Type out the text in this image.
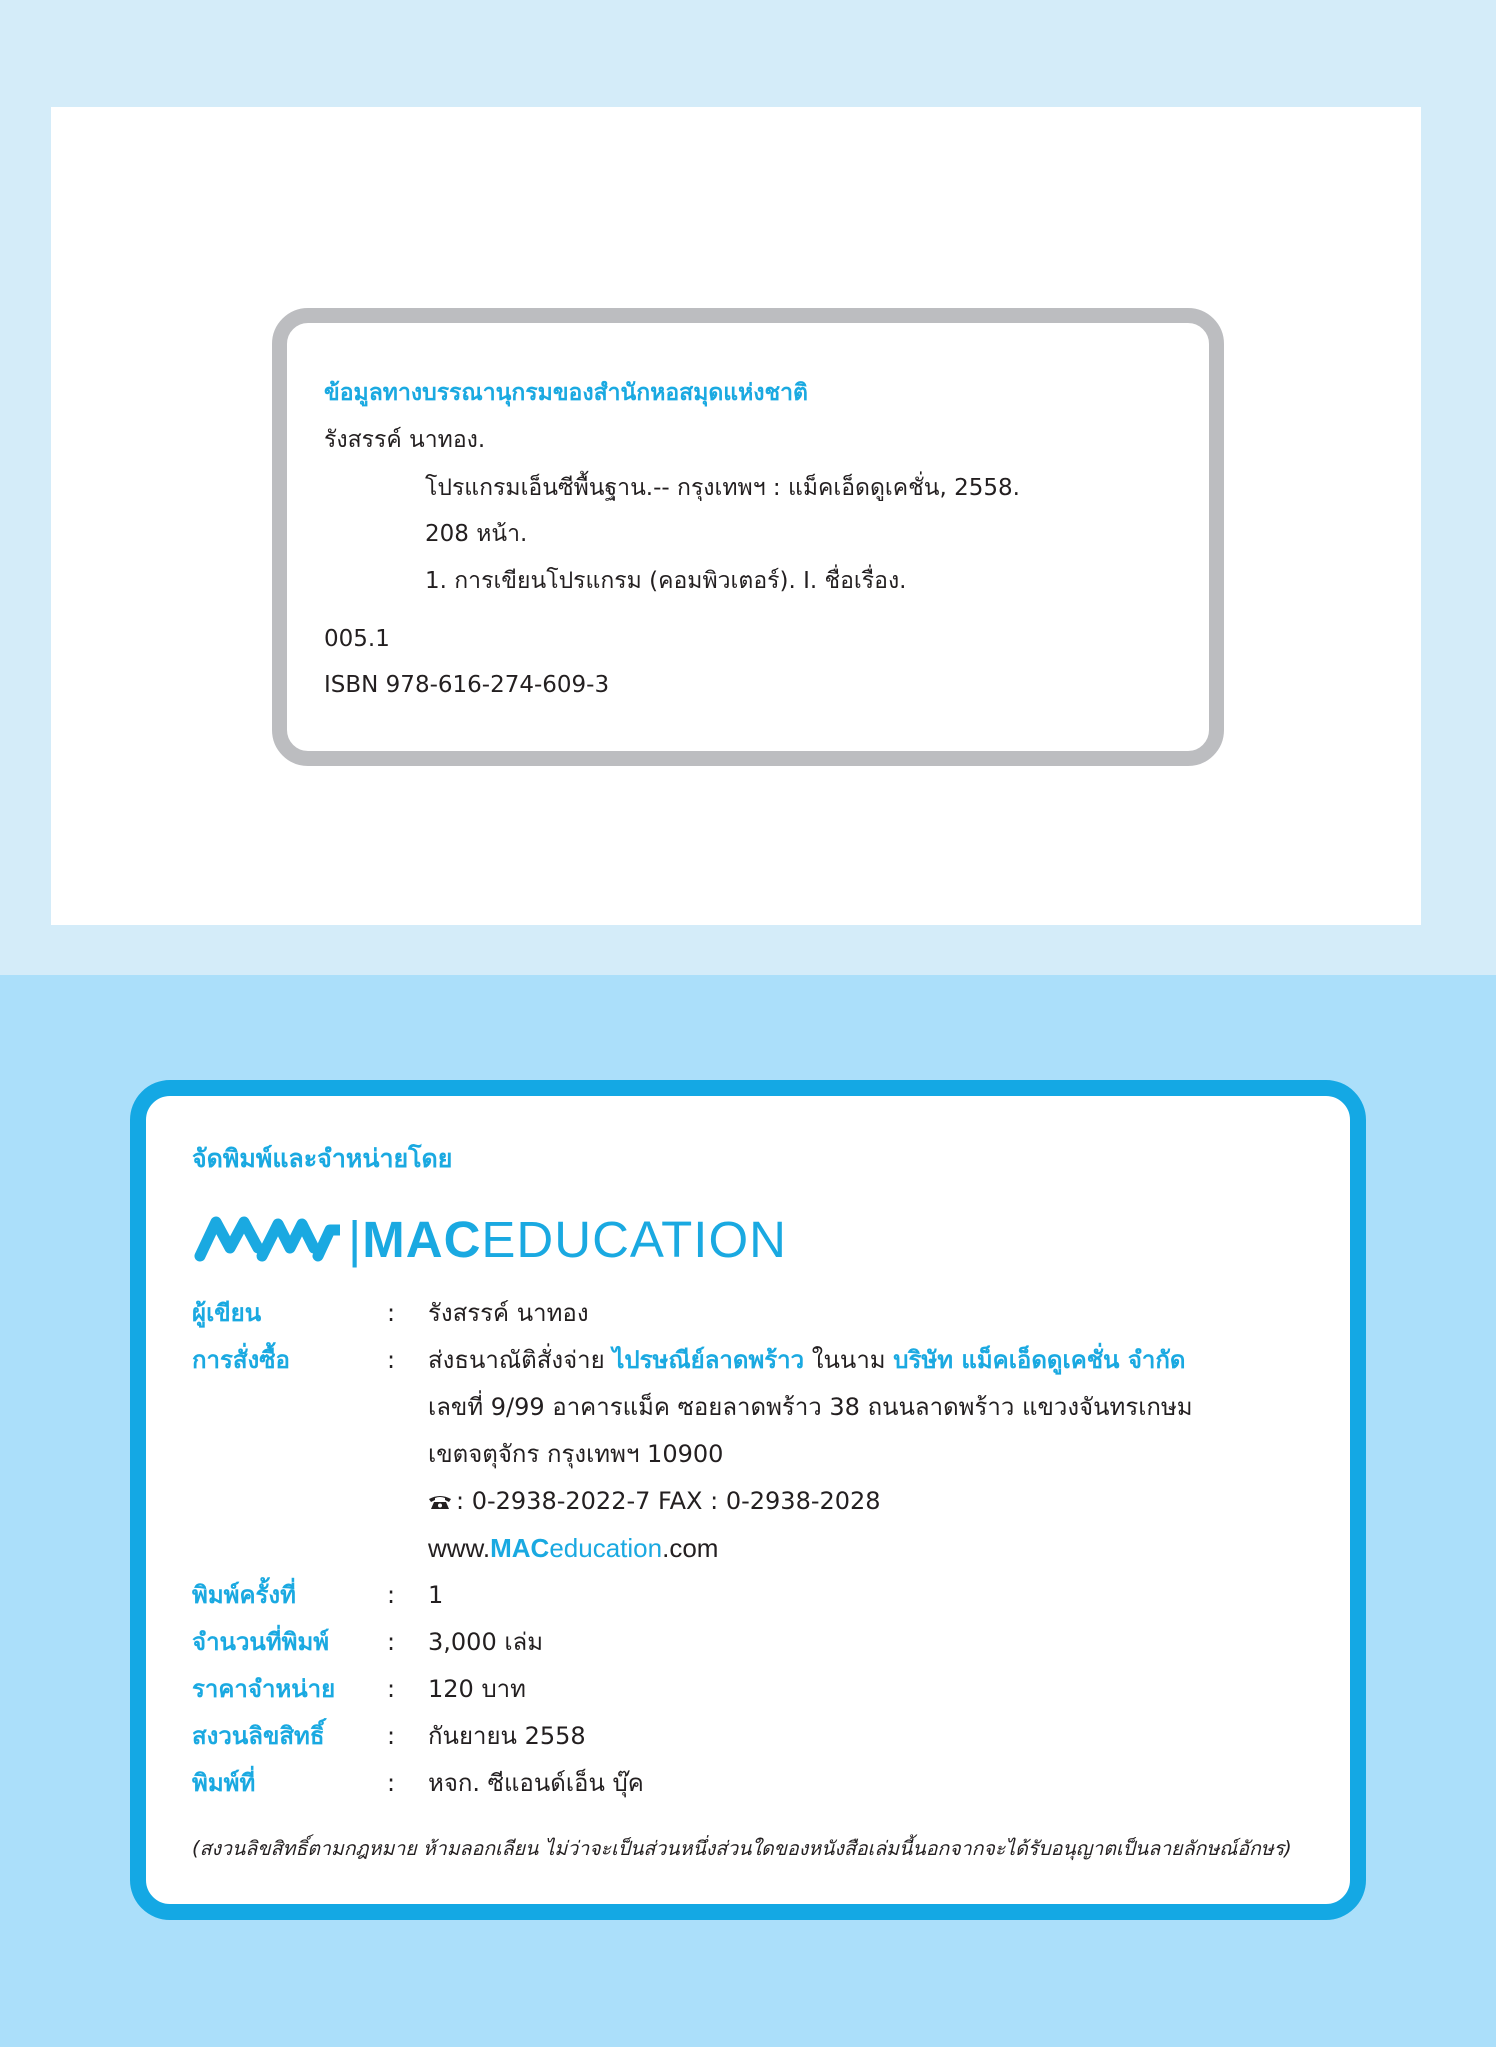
ข้อมูลทางบรรณานุกรมของสำนักหอสมุดแห่งชาติ
รังสรรค์ นาทอง.
โปรแกรมเอ็นซีพื้นฐาน.-- กรุงเทพฯ : แม็คเอ็ดดูเคชั่น, 2558.
208 หน้า.
1. การเขียนโปรแกรม (คอมพิวเตอร์). I. ชื่อเรื่อง.
005.1
ISBN 978-616-274-609-3
จัดพิมพ์และจำหน่ายโดย
|MACEDUCATION
ผู้เขียน	: รังสรรค์ นาทอง
การสั่งซื้อ	: ส่งธนาณัติสั่งจ่าย ไปรษณีย์ลาดพร้าว ในนาม บริษัท แม็คเอ็ดดูเคชั่น จำกัด
เลขที่ 9/99 อาคารแม็ค ซอยลาดพร้าว 38 ถนนลาดพร้าว แขวงจันทรเกษม
เขตจตุจักร กรุงเทพฯ 10900
: 0-2938-2022-7 FAX : 0-2938-2028
www.MACeducation.com
พิมพ์ครั้งที่	: 1
จำนวนที่พิมพ์ : 3,000 เล่ม
ราคาจำหน่าย : 120 บาท
สงวนลิขสิทธิ์	: กันยายน 2558
พิมพ์ที่	: หจก. ซีแอนด์เอ็น บุ๊ค
(สงวนลิขสิทธิ์ตามกฎหมาย ห้ามลอกเลียน ไม่ว่าจะเป็นส่วนหนึ่งส่วนใดของหนังสือเล่มนี้นอกจากจะได้รับอนุญาตเป็นลายลักษณ์อักษร)
